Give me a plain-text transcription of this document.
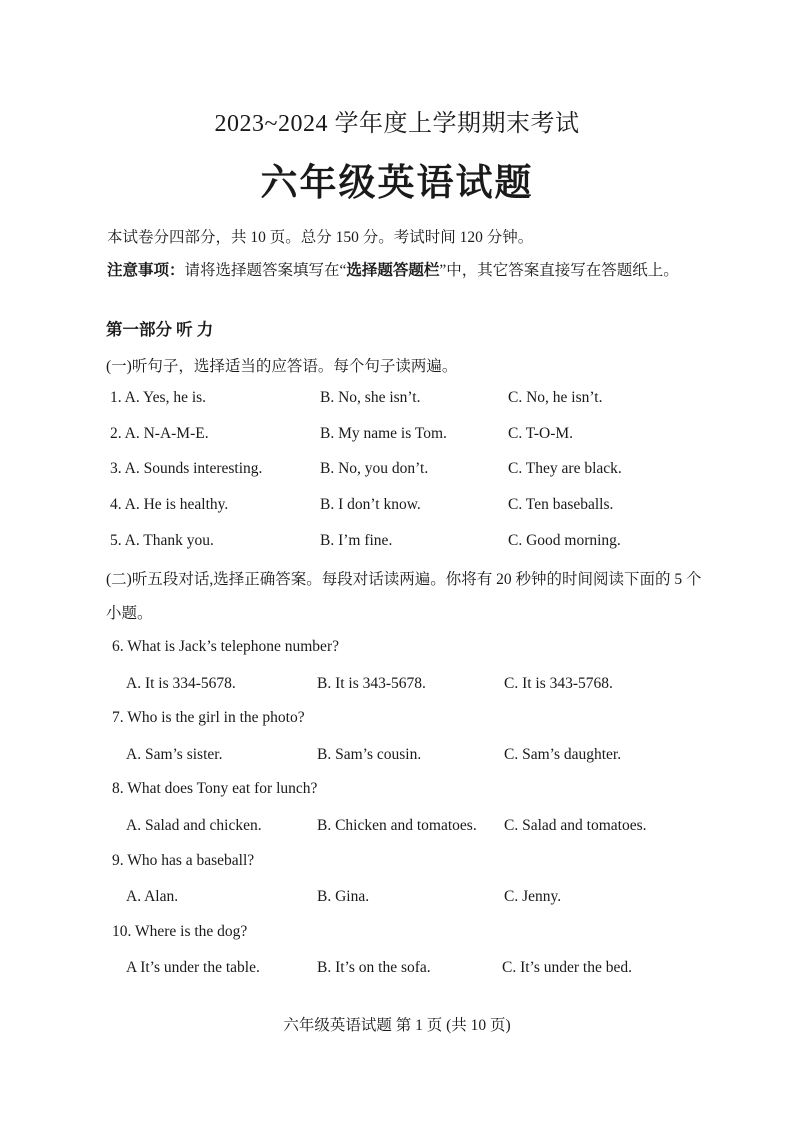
2023~2024 学年度上学期期末考试
六年级英语试题
本试卷分四部分，共 10 页。总分 150 分。考试时间 120 分钟。
注意事项：请将选择题答案填写在“选择题答题栏”中，其它答案直接写在答题纸上。
第一部分 听 力
(一)听句子，选择适当的应答语。每个句子读两遍。
1. A. Yes, he is.	B. No, she isn’t.	C. No, he isn’t.
2. A. N-A-M-E.	B. My name is Tom.	C. T-O-M.
3. A. Sounds interesting.	B. No, you don’t.	C. They are black.
4. A. He is healthy.	B. I don’t know.	C. Ten baseballs.
5. A. Thank you.	B. I’m fine.	C. Good morning.
(二)听五段对话,选择正确答案。每段对话读两遍。你将有 20 秒钟的时间阅读下面的 5 个
小题。
6. What is Jack’s telephone number?
A. It is 334-5678.	B. It is 343-5678.	C. It is 343-5768.
7. Who is the girl in the photo?
A. Sam’s sister.	B. Sam’s cousin.	C. Sam’s daughter.
8. What does Tony eat for lunch?
A. Salad and chicken.	B. Chicken and tomatoes. C. Salad and tomatoes.
9. Who has a baseball?
A. Alan.	B. Gina.	C. Jenny.
10. Where is the dog?
A It’s under the table.	B. It’s on the sofa.	C. It’s under the bed.
六年级英语试题 第 1 页 (共 10 页)
